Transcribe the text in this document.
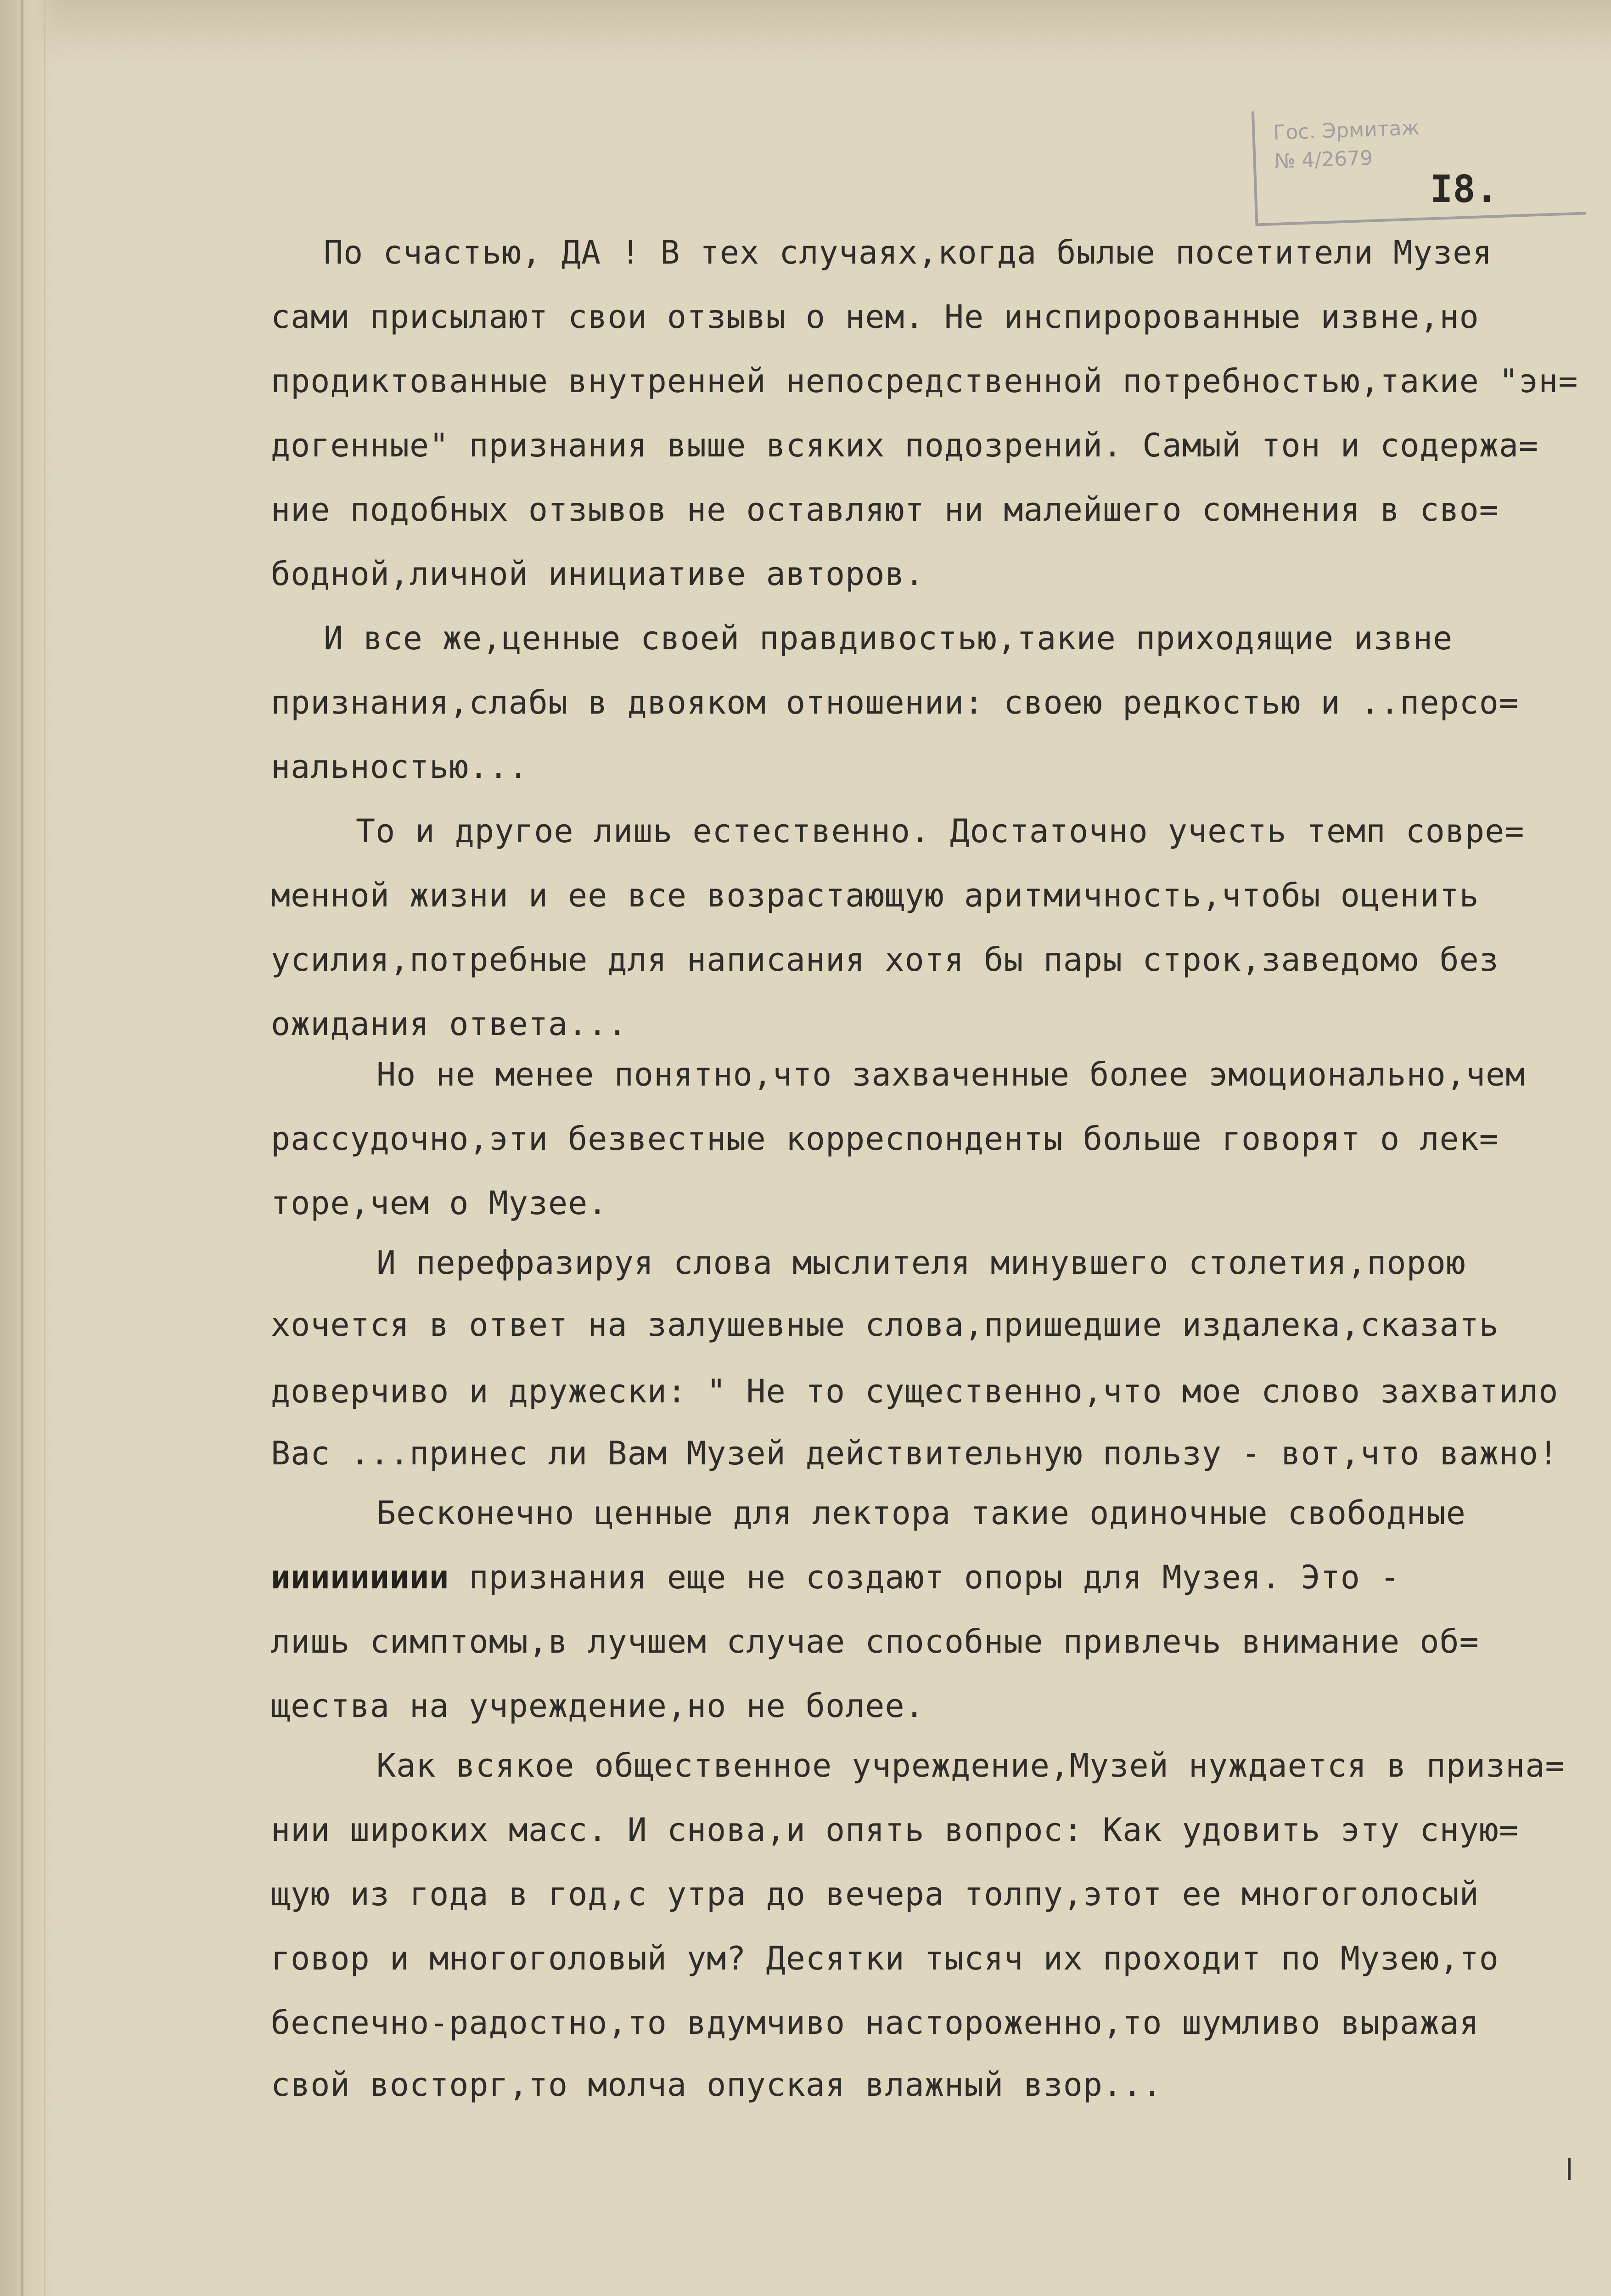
Гос. Эрмитаж
№ 4/2679
I8.
По счастью, ДА ! В тех случаях,когда былые посетители Музея
сами присылают свои отзывы о нем. Не инспиророванные извне,но
продиктованные внутренней непосредственной потребностью,такие "эн=
догенные" признания выше всяких подозрений. Самый тон и содержа=
ние подобных отзывов не оставляют ни малейшего сомнения в сво=
бодной,личной инициативе авторов.
И все же,ценные своей правдивостью,такие приходящие извне
признания,слабы в двояком отношении: своею редкостью и ..персо=
нальностью...
То и другое лишь естественно. Достаточно учесть темп совре=
менной жизни и ее все возрастающую аритмичность,чтобы оценить
усилия,потребные для написания хотя бы пары строк,заведомо без
ожидания ответа...
Но не менее понятно,что захваченные более эмоционально,чем
рассудочно,эти безвестные корреспонденты больше говорят о лек=
торе,чем о Музее.
И перефразируя слова мыслителя минувшего столетия,порою
хочется в ответ на залушевные слова,пришедшие издалека,сказать
доверчиво и дружески: " Не то существенно,что мое слово захватило
Вас ...принес ли Вам Музей действительную пользу - вот,что важно!
Бесконечно ценные для лектора такие одиночные свободные
иииииииии признания еще не создают опоры для Музея. Это -
лишь симптомы,в лучшем случае способные привлечь внимание об=
щества на учреждение,но не более.
Как всякое общественное учреждение,Музей нуждается в призна=
нии широких масс. И снова,и опять вопрос: Как удовить эту сную=
щую из года в год,с утра до вечера толпу,этот ее многоголосый
говор и многоголовый ум? Десятки тысяч их проходит по Музею,то
беспечно-радостно,то вдумчиво настороженно,то шумливо выражая
свой восторг,то молча опуская влажный взор...
